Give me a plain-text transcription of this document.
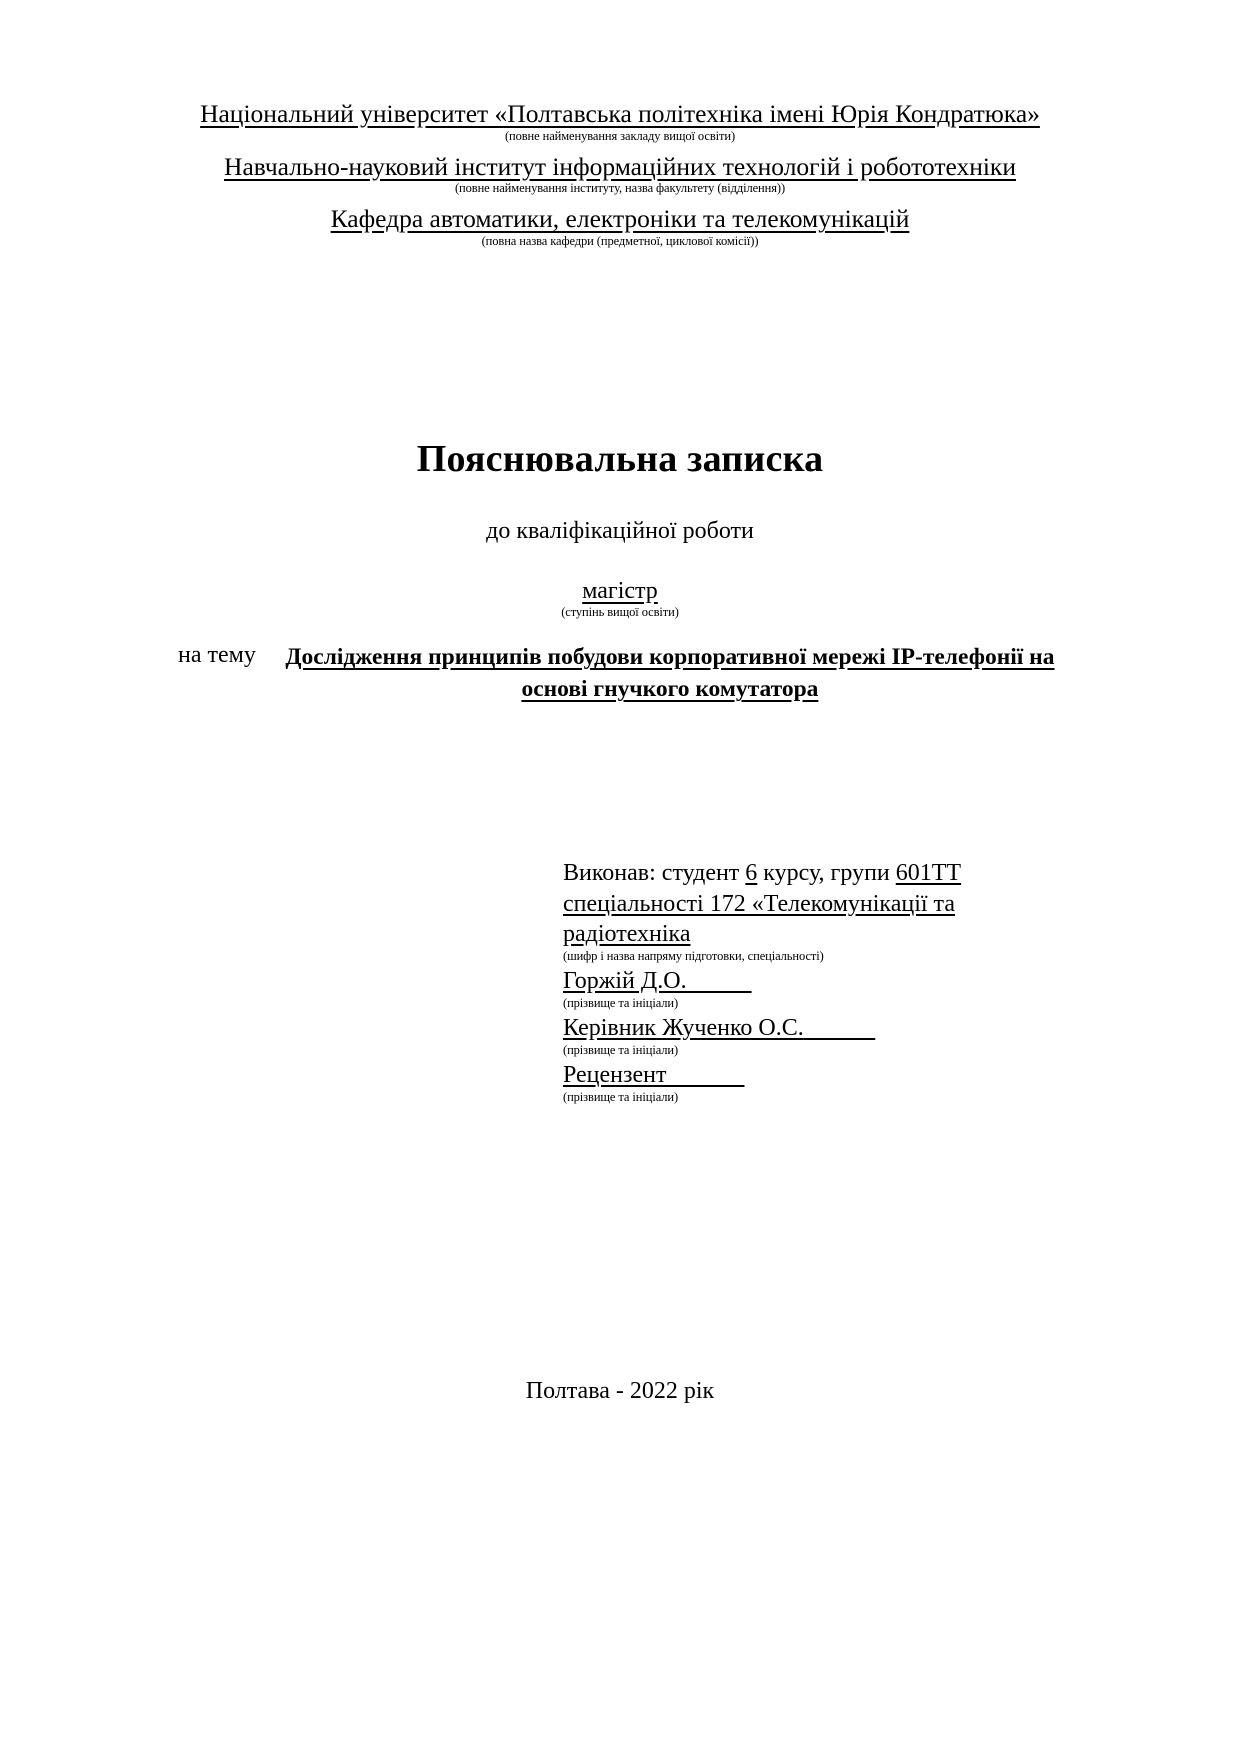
Національний університет «Полтавська політехніка імені Юрія Кондратюка»
(повне найменування закладу вищої освіти)
Навчально-науковий інститут інформаційних технологій і робототехніки
(повне найменування інституту, назва факультету (відділення))
Кафедра автоматики, електроніки та телекомунікацій
(повна назва кафедри (предметної, циклової комісії))
Пояснювальна записка
до кваліфікаційної роботи
магістр
(ступінь вищої освіти)
на тему	Дослідження принципів побудови корпоративної мережі IP-телефонії на основі гнучкого комутатора
Виконав: студент 6 курсу, групи 601ТТ
спеціальності 172 «Телекомунікації та
радіотехніка
(шифр і назва напряму підготовки, спеціальності)
Горжій Д.О.
(прізвище та ініціали)
Керівник Жученко О.С.
(прізвище та ініціали)
Рецензент
(прізвище та ініціали)
Полтава - 2022 рік
